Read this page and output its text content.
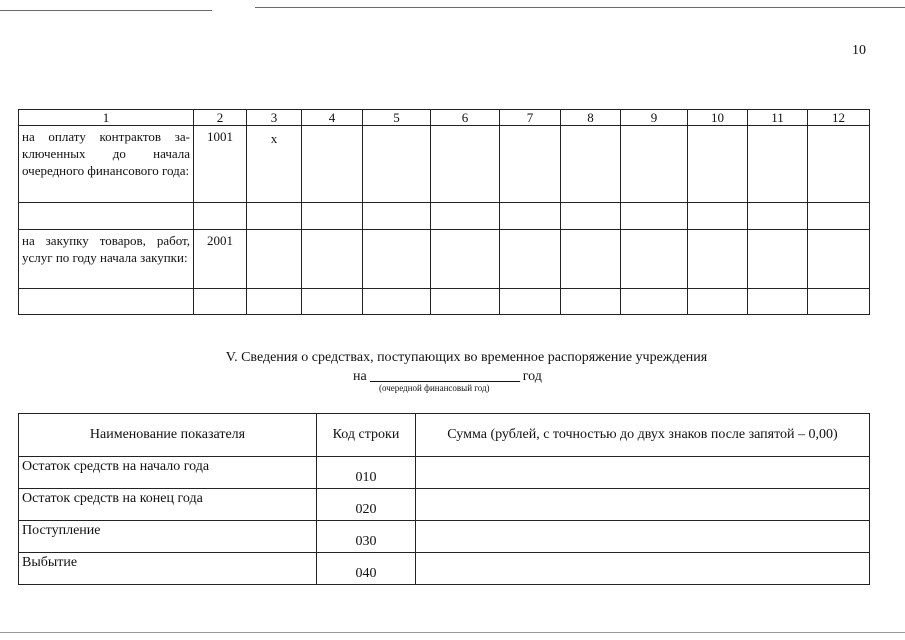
10
1	2	3	4	5	6	7	8	9	10	11	12
на оплату контрактов заключенных до начала очередного финансового года:	1001	x									

на закупку товаров, работ, услуг по году начала закупки:	2001										

V. Сведения о средствах, поступающих во временное распоряжение учреждения
на	год
(очередной финансовый год)
Наименование показателя	Код строки	Сумма (рублей, с точностью до двух знаков после запятой – 0,00)
Остаток средств на начало года	010	
Остаток средств на конец года	020	
Поступление	030	
Выбытие	040	
